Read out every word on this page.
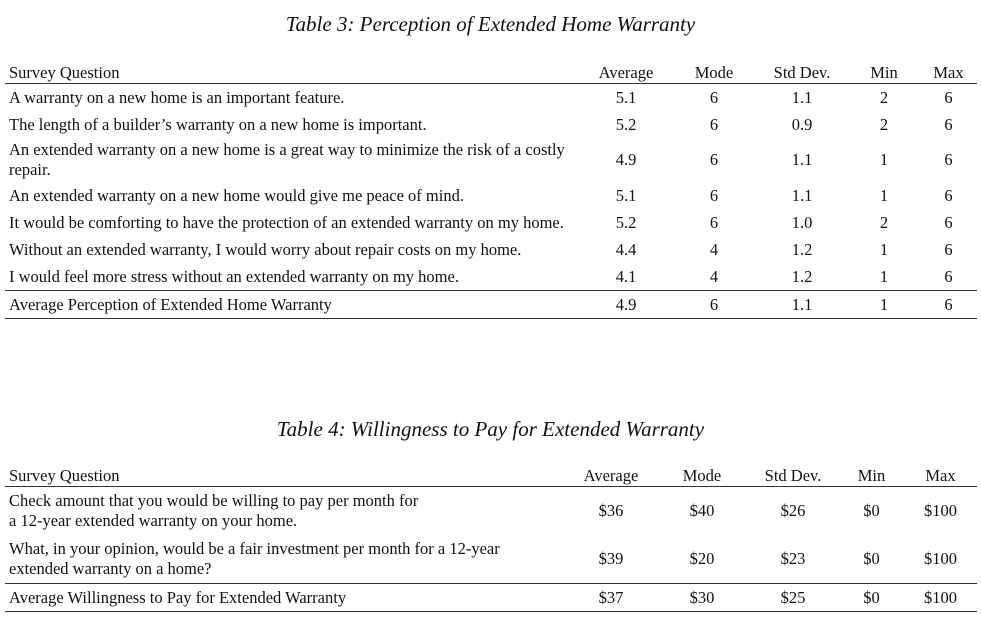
Table 3: Perception of Extended Home Warranty
Survey Question	Average	Mode	Std Dev.	Min	Max
A warranty on a new home is an important feature.	5.1	6	1.1	2	6
The length of a builder’s warranty on a new home is important.	5.2	6	0.9	2	6
An extended warranty on a new home is a great way to minimize the risk of a costly repair.	4.9	6	1.1	1	6
An extended warranty on a new home would give me peace of mind.	5.1	6	1.1	1	6
It would be comforting to have the protection of an extended warranty on my home.	5.2	6	1.0	2	6
Without an extended warranty, I would worry about repair costs on my home.	4.4	4	1.2	1	6
I would feel more stress without an extended warranty on my home.	4.1	4	1.2	1	6
Average Perception of Extended Home Warranty	4.9	6	1.1	1	6
Table 4: Willingness to Pay for Extended Warranty
Survey Question	Average	Mode	Std Dev.	Min	Max
Check amount that you would be willing to pay per month for a 12-year extended warranty on your home.	$36	$40	$26	$0	$100
What, in your opinion, would be a fair investment per month for a 12-year extended warranty on a home?	$39	$20	$23	$0	$100
Average Willingness to Pay for Extended Warranty	$37	$30	$25	$0	$100
